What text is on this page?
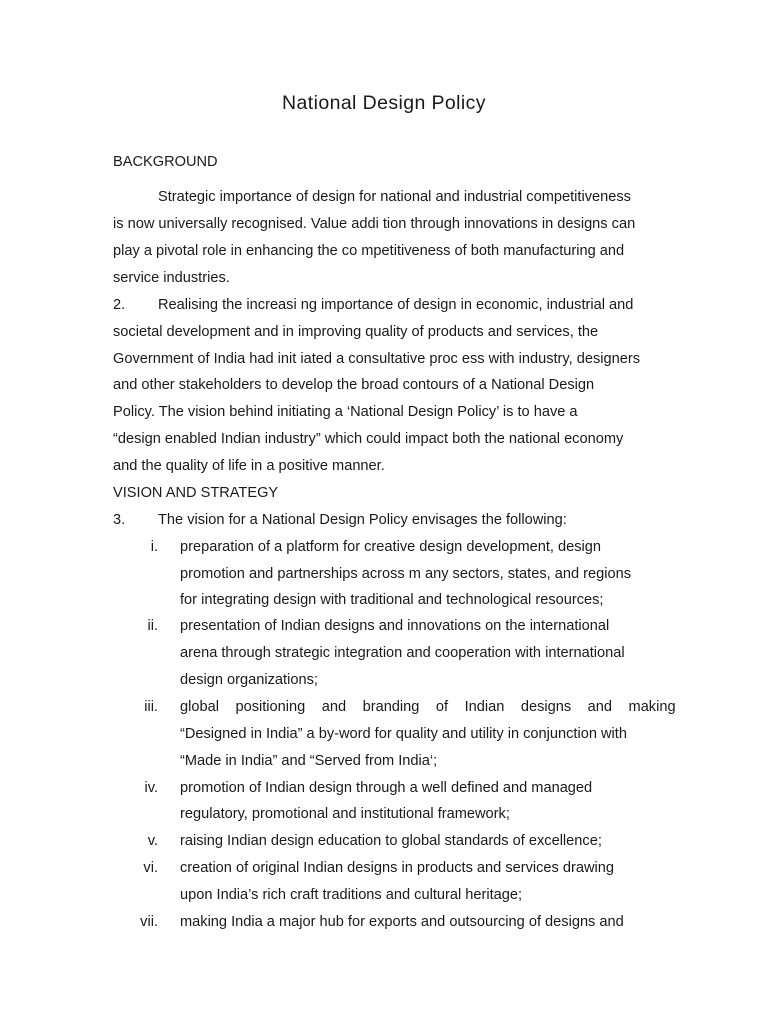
National Design Policy
BACKGROUND
Strategic importance of design for national and industrial competitiveness
is now universally recognised. Value addi tion through innovations in designs can
play a pivotal role in enhancing the co mpetitiveness of both manufacturing and
service industries.
2. Realising the increasi ng importance of design in economic, industrial and
societal development and in improving quality of products and services, the
Government of India had init iated a consultative proc ess with industry, designers
and other stakeholders to develop the broad contours of a National Design
Policy. The vision behind initiating a ‘National Design Policy’ is to have a
“design enabled Indian industry” which could impact both the national economy
and the quality of life in a positive manner.
VISION AND STRATEGY
3. The vision for a National Design Policy envisages the following:
i. preparation of a platform for creative design development, design
promotion and partnerships across m any sectors, states, and regions
for integrating design with traditional and technological resources;
ii. presentation of Indian designs and innovations on the international
arena through strategic integration and cooperation with international
design organizations;
iii. global  positioning  and  branding  of  Indian  designs  and  making
“Designed in India” a by-word for quality and utility in conjunction with
“Made in India” and “Served from India‘;
iv. promotion of Indian design through a well defined and managed
regulatory, promotional and institutional framework;
v. raising Indian design education to global standards of excellence;
vi. creation of original Indian designs in products and services drawing
upon India’s rich craft traditions and cultural heritage;
vii. making India a major hub for exports and outsourcing of designs and
